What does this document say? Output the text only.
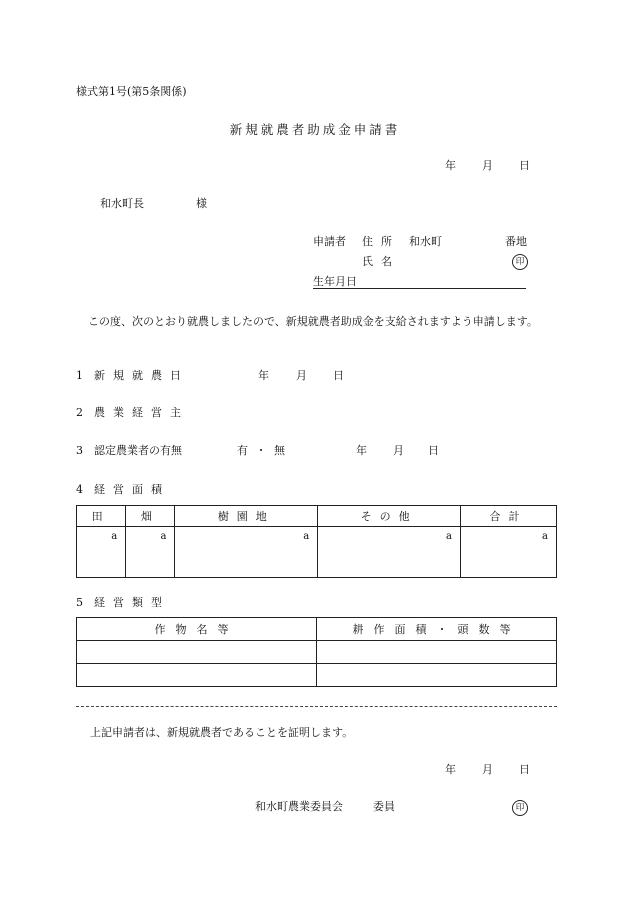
様式第1号(第5条関係)
新規就農者助成金申請書
年 月 日
和水町長	様
申請者 住所 和水町	番地
氏名	印
生年月日
この度、次のとおり就農しましたので、新規就農者助成金を支給されますよう申請します。
1 新規就農日	年 月 日
2 農業経営主
3 認定農業者の有無	有 ・ 無	年 月 日
4 経営面積
田	畑	樹園地	その他	合計
a	a	a	a	a
5 経営類型
作物名等	耕作面積・頭数等

上記申請者は、新規就農者であることを証明します。
年 月 日
和水町農業委員会	委員	印
